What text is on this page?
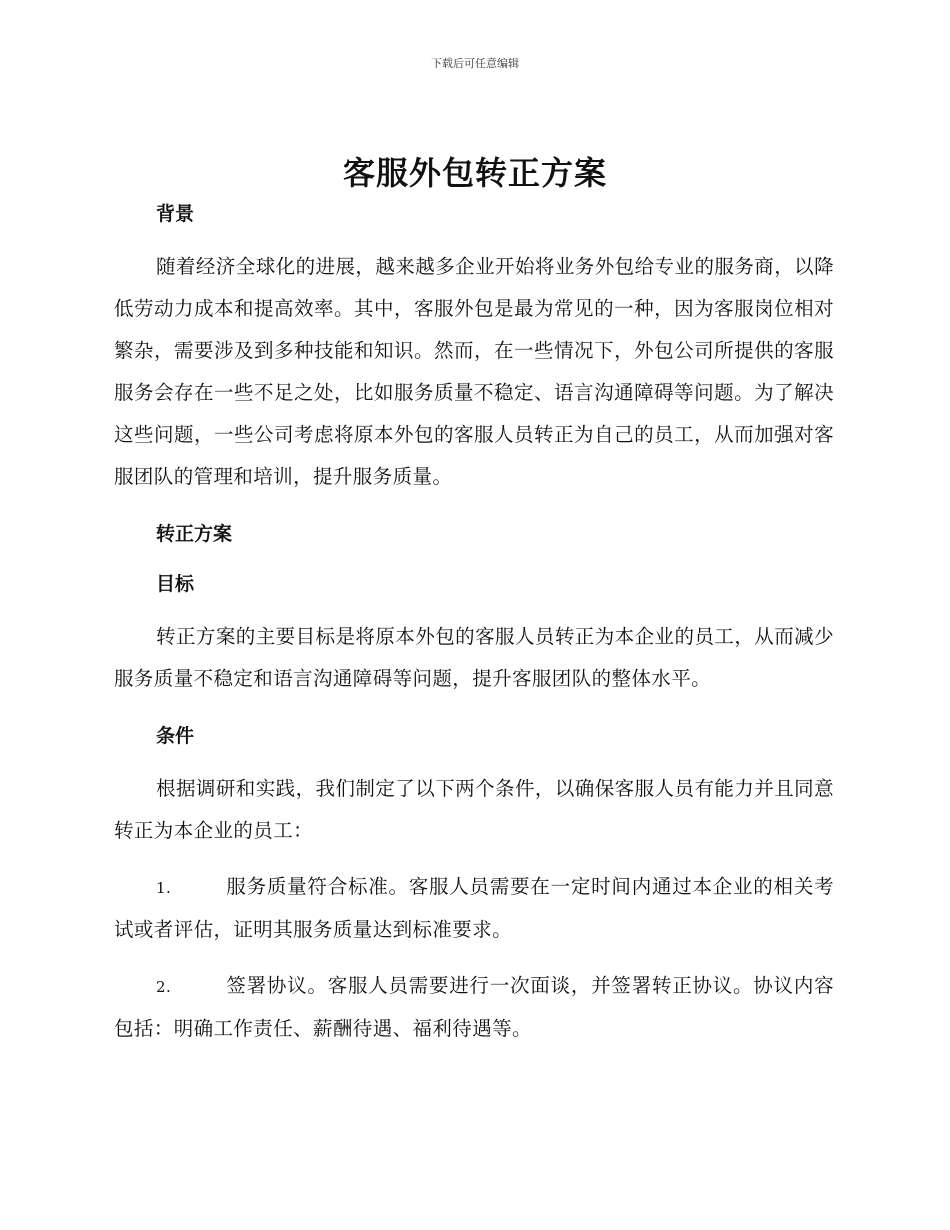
下载后可任意编辑
客服外包转正方案

背景

随着经济全球化的进展，越来越多企业开始将业务外包给专业的服务商，以降低劳动力成本和提高效率。其中，客服外包是最为常见的一种，因为客服岗位相对繁杂，需要涉及到多种技能和知识。然而，在一些情况下，外包公司所提供的客服服务会存在一些不足之处，比如服务质量不稳定、语言沟通障碍等问题。为了解决这些问题，一些公司考虑将原本外包的客服人员转正为自己的员工，从而加强对客服团队的管理和培训，提升服务质量。

转正方案

目标

转正方案的主要目标是将原本外包的客服人员转正为本企业的员工，从而减少服务质量不稳定和语言沟通障碍等问题，提升客服团队的整体水平。

条件

根据调研和实践，我们制定了以下两个条件，以确保客服人员有能力并且同意转正为本企业的员工：

1.	服务质量符合标准。客服人员需要在一定时间内通过本企业的相关考试或者评估，证明其服务质量达到标准要求。

2.	签署协议。客服人员需要进行一次面谈，并签署转正协议。协议内容包括：明确工作责任、薪酬待遇、福利待遇等。
